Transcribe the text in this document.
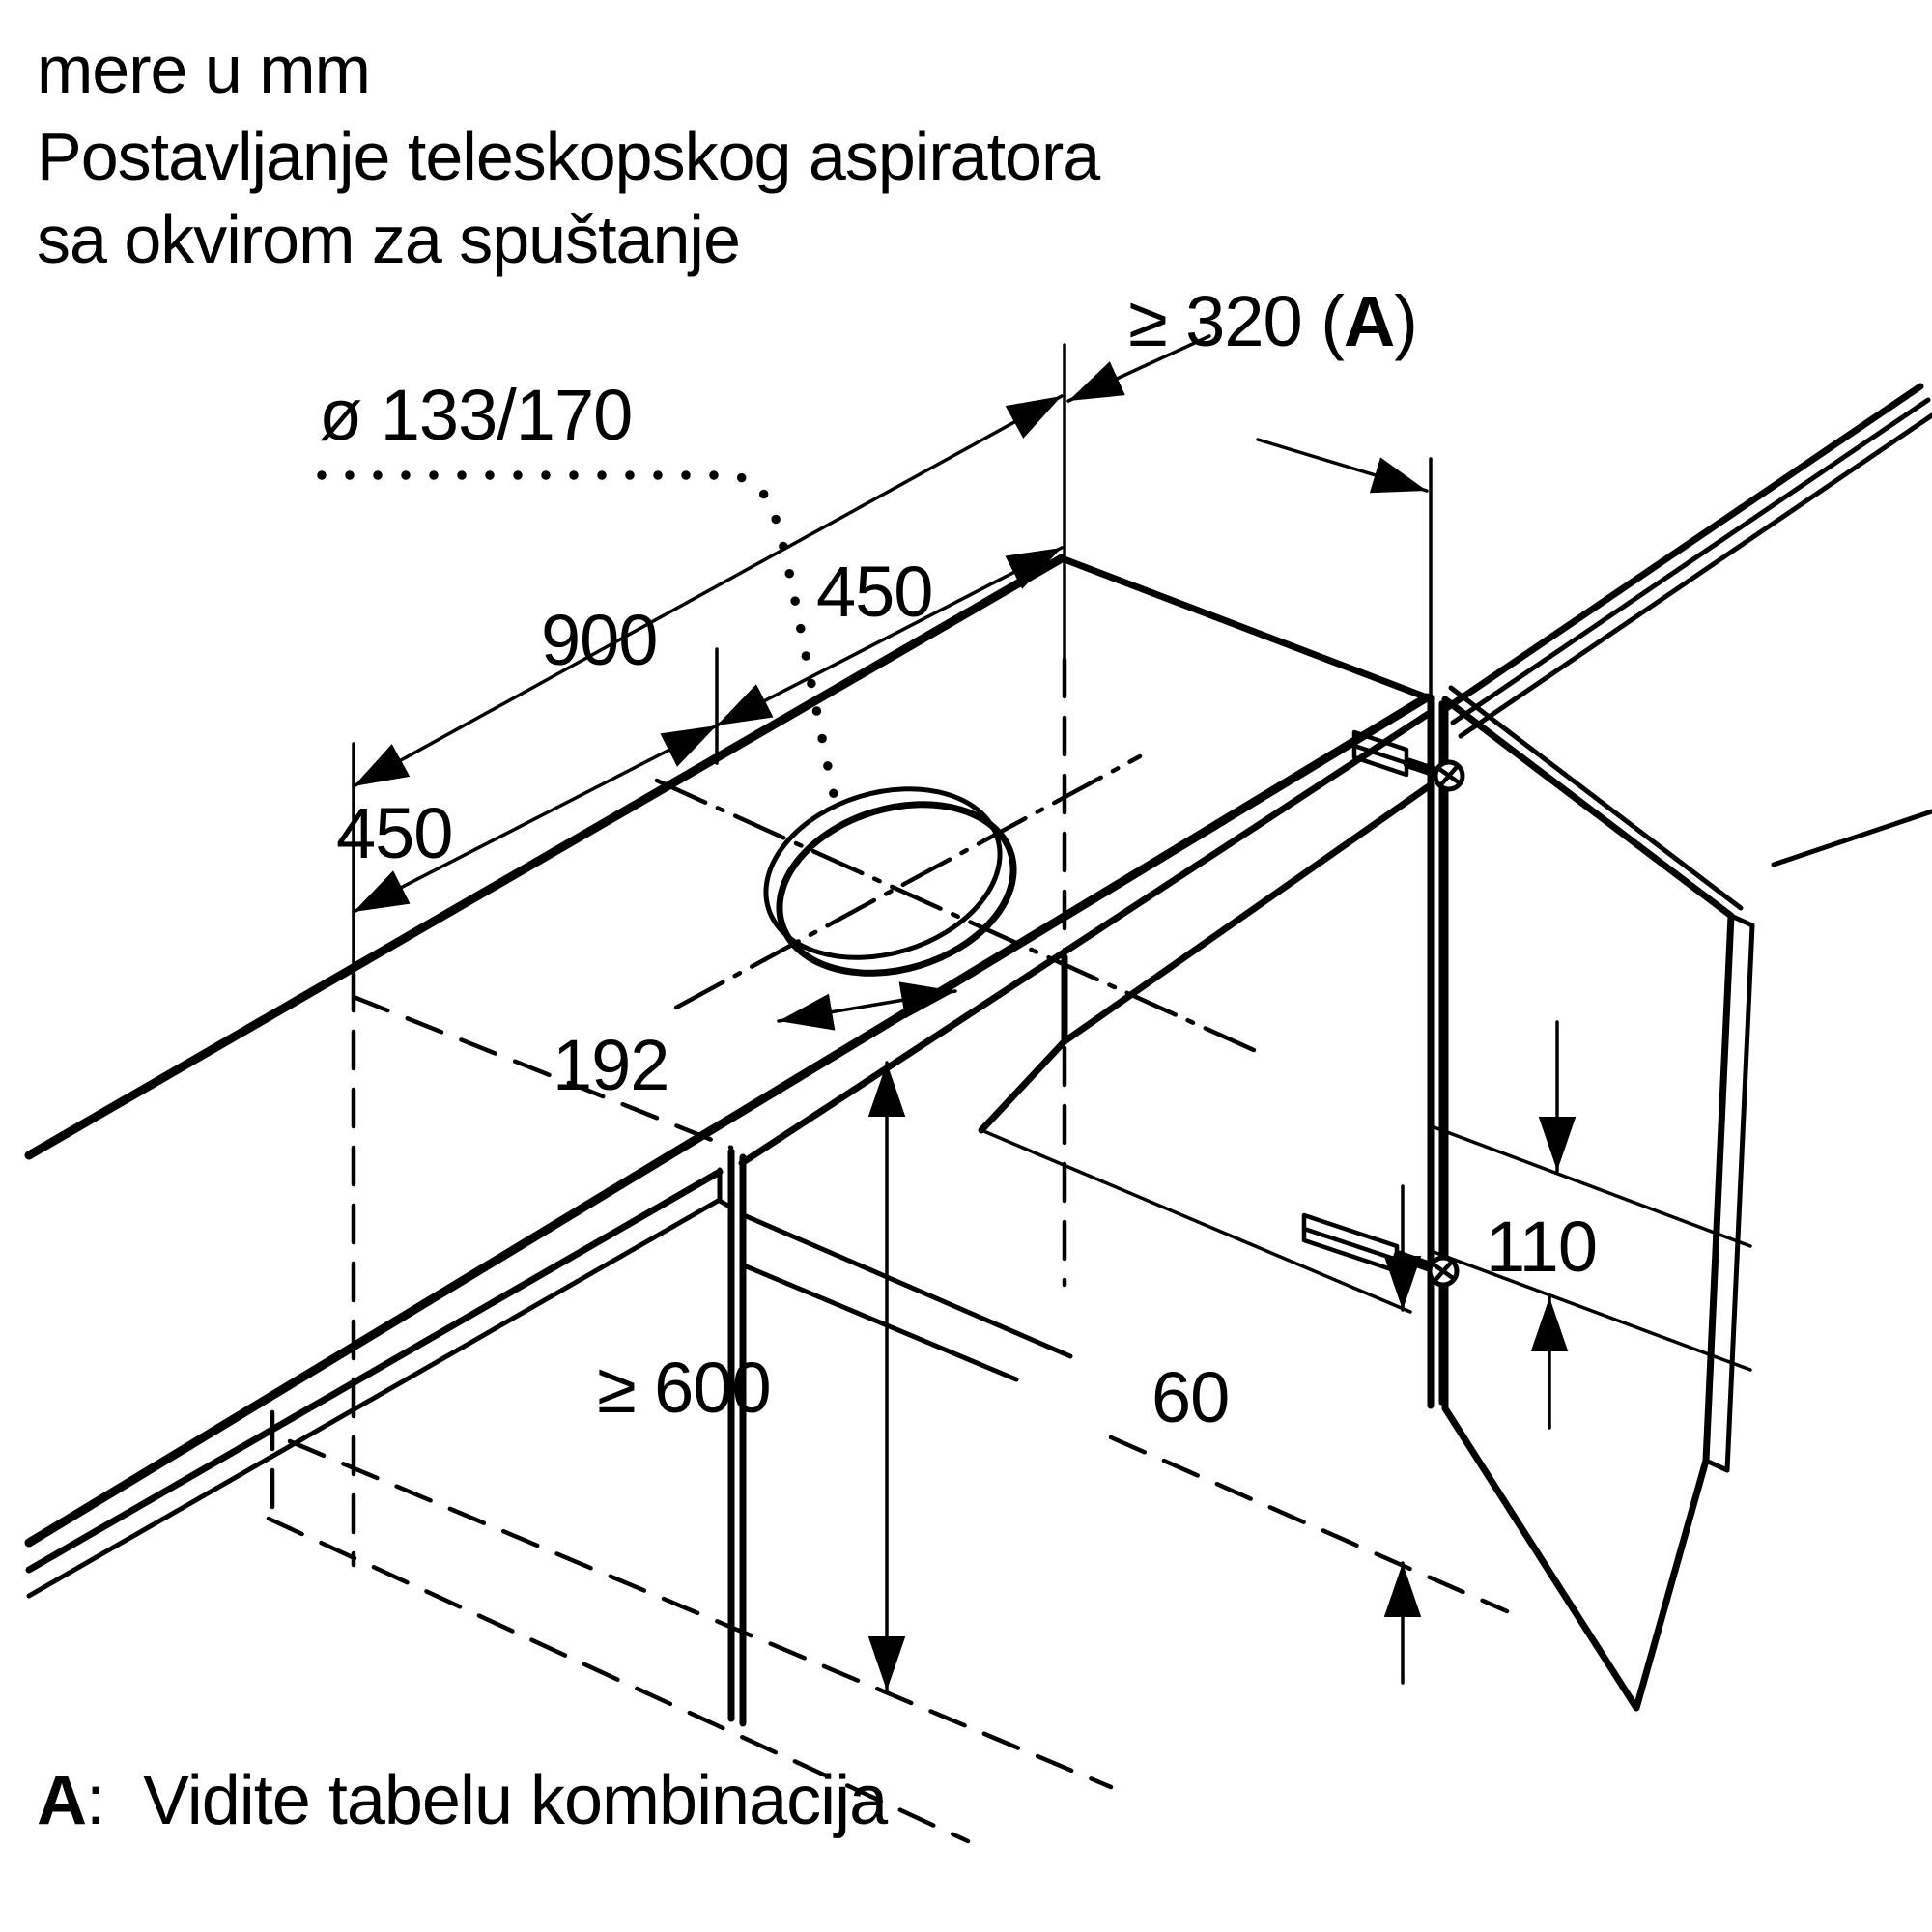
mere u mm
Postavljanje teleskopskog aspiratora
sa okvirom za spuštanje
ø 133/170
≥ 320 (A)
900
450
450
192
≥ 600	60
110
A: Vidite tabelu kombinacija
